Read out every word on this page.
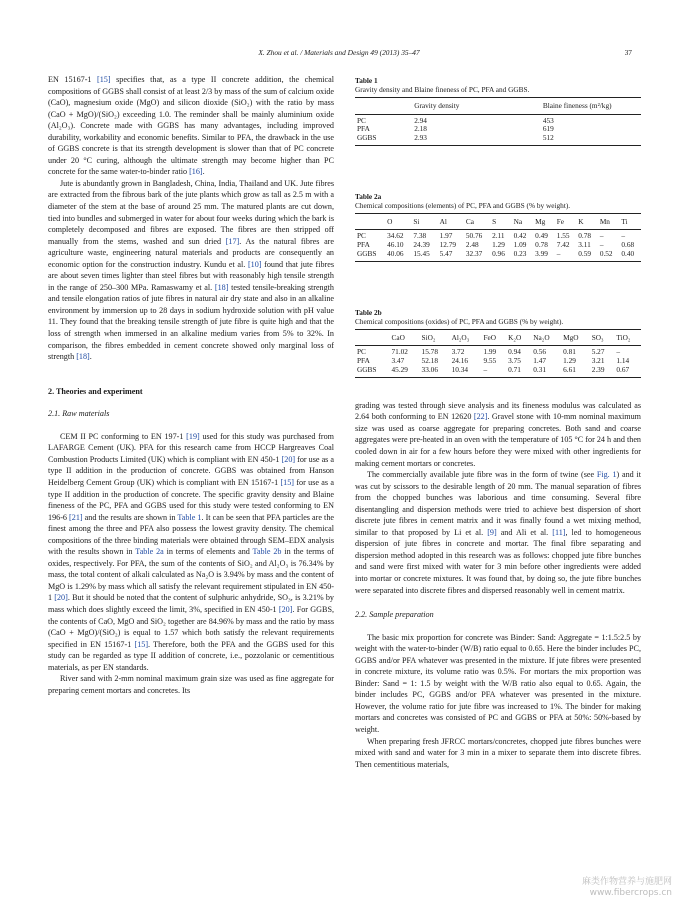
X. Zhou et al. / Materials and Design 49 (2013) 35–47	37

EN 15167-1 [15] specifies that, as a type II concrete addition, the chemical compositions of GGBS shall consist of at least 2/3 by mass of the sum of calcium oxide (CaO), magnesium oxide (MgO) and silicon dioxide (SiO₂) with the ratio by mass (CaO + MgO)/(SiO₂) exceeding 1.0. The reminder shall be mainly aluminium oxide (Al₂O₃). Concrete made with GGBS has many advantages, including improved durability, workability and economic benefits. Similar to PFA, the drawback in the use of GGBS concrete is that its strength development is slower than that of PC concrete under 20 °C curing, although the ultimate strength may become higher than PC concrete for the same water-to-binder ratio [16].

Jute is abundantly grown in Bangladesh, China, India, Thailand and UK. Jute fibres are extracted from the fibrous bark of the jute plants which grow as tall as 2.5 m with a diameter of the stem at the base of around 25 mm. The matured plants are cut down, tied into bundles and submerged in water for about four weeks during which the bark is completely decomposed and fibres are exposed. The fibres are then stripped off manually from the stems, washed and sun dried [17]. As the natural fibres are agriculture waste, engineering natural materials and products are consequently an economic option for the construction industry. Kundu et al. [10] found that jute fibres are about seven times lighter than steel fibres but with reasonably high tensile strength in the range of 250–300 MPa. Ramaswamy et al. [18] tested tensile-breaking strength and tensile elongation ratios of jute fibres in natural air dry state and also in an alkaline environment by immersion up to 28 days in sodium hydroxide solution with pH value 11. They found that the breaking tensile strength of jute fibre is quite high and that the loss of strength when immersed in an alkaline medium varies from 5% to 32%. In comparison, the fibres embedded in cement concrete showed only marginal loss of strength [18].

2. Theories and experiment
2.1. Raw materials

CEM II PC conforming to EN 197-1 [19] used for this study was purchased from LAFARGE Cement (UK). PFA for this research came from HCCP Hargreaves Coal Combustion Products Limited (UK) which is compliant with EN 450-1 [20] for use as a type II addition in the production of concrete. GGBS was obtained from Hanson Heidelberg Cement Group (UK) which is compliant with EN 15167-1 [15] for use as a type II addition in the production of concrete. The specific gravity density and Blaine fineness of the PC, PFA and GGBS used for this study were tested conforming to EN 196-6 [21] and the results are shown in Table 1. It can be seen that PFA particles are the finest among the three and PFA also possess the lowest gravity density. The chemical compositions of the three binding materials were obtained through SEM–EDX analysis with the results shown in Table 2a in terms of elements and Table 2b in the terms of oxides, respectively. For PFA, the sum of the contents of SiO₂ and Al₂O₃ is 76.34% by mass, the total content of alkali calculated as Na₂O is 3.94% by mass and the content of MgO is 1.29% by mass which all satisfy the relevant requirement stipulated in EN 450-1 [20]. But it should be noted that the content of sulphuric anhydride, SO₃, is 3.21% by mass which does slightly exceed the limit, 3%, specified in EN 450-1 [20]. For GGBS, the contents of CaO, MgO and SiO₂ together are 84.96% by mass and the ratio by mass (CaO + MgO)/(SiO₂) is equal to 1.57 which both satisfy the relevant requirements specified in EN 15167-1 [15]. Therefore, both the PFA and the GGBS used for this study can be regarded as type II addition of concrete, i.e., pozzolanic or cementitious materials, as per EN standards.

River sand with 2-mm nominal maximum grain size was used as fine aggregate for preparing cement mortars and concretes. Its

Table 1
Gravity density and Blaine fineness of PC, PFA and GGBS.
	Gravity density	Blaine fineness (m²/kg)
PC	2.94	453
PFA	2.18	619
GGBS	2.93	512
Table 2a
Chemical compositions (elements) of PC, PFA and GGBS (% by weight).
	O	Si	Al	Ca	S	Na	Mg	Fe	K	Mn	Ti
PC	34.62	7.38	1.97	50.76	2.11	0.42	0.49	1.55	0.78	–	–
PFA	46.10	24.39	12.79	2.48	1.29	1.09	0.78	7.42	3.11	–	0.68
GGBS	40.06	15.45	5.47	32.37	0.96	0.23	3.99	–	0.59	0.52	0.40
Table 2b
Chemical compositions (oxides) of PC, PFA and GGBS (% by weight).
	CaO	SiO₂	Al₂O₃	FeO	K₂O	Na₂O	MgO	SO₃	TiO₂
PC	71.02	15.78	3.72	1.99	0.94	0.56	0.81	5.27	–
PFA	3.47	52.18	24.16	9.55	3.75	1.47	1.29	3.21	1.14
GGBS	45.29	33.06	10.34	–	0.71	0.31	6.61	2.39	0.67

grading was tested through sieve analysis and its fineness modulus was calculated as 2.64 both conforming to EN 12620 [22]. Gravel stone with 10-mm nominal maximum size was used as coarse aggregate for preparing concretes. Both sand and coarse aggregates were pre-heated in an oven with the temperature of 105 °C for 24 h and then cooled down in air for a few hours before they were mixed with other ingredients for making cement mortars or concretes.

The commercially available jute fibre was in the form of twine (see Fig. 1) and it was cut by scissors to the desirable length of 20 mm. The manual separation of fibres from the chopped bunches was laborious and time consuming. Several fibre disentangling and dispersion methods were tried to achieve best dispersion of short discrete jute fibres in cement matrix and it was finally found a wet mixing method, similar to that proposed by Li et al. [9] and Ali et al. [11], led to homogeneous dispersion of jute fibres in concrete and mortar. The final fibre separating and dispersion method adopted in this research was as follows: chopped jute fibre bunches and sand were first mixed with water for 3 min before other ingredients were added into mortar or concrete mixtures. It was found that, by doing so, the jute fibre bunches were separated into discrete fibres and dispersed reasonably well in cement matrix.

2.2. Sample preparation

The basic mix proportion for concrete was Binder: Sand: Aggregate = 1:1.5:2.5 by weight with the water-to-binder (W/B) ratio equal to 0.65. Here the binder includes PC, GGBS and/or PFA whatever was presented in the mixture. If jute fibres were presented in concrete mixture, its volume ratio was 0.5%. For mortars the mix proportion was Binder: Sand = 1: 1.5 by weight with the W/B ratio also equal to 0.65. Again, the binder includes PC, GGBS and/or PFA whatever was presented in the mixture. However, the volume ratio for jute fibre was increased to 1%. The binder for making mortars and concretes was consisted of PC and GGBS or PFA at 50%: 50%-based by weight.

When preparing fresh JFRCC mortars/concretes, chopped jute fibres bunches were mixed with sand and water for 3 min in a mixer to separate them into discrete fibres. Then cementitious materials,

麻类作物营养与施肥网
www.fibercrops.cn
